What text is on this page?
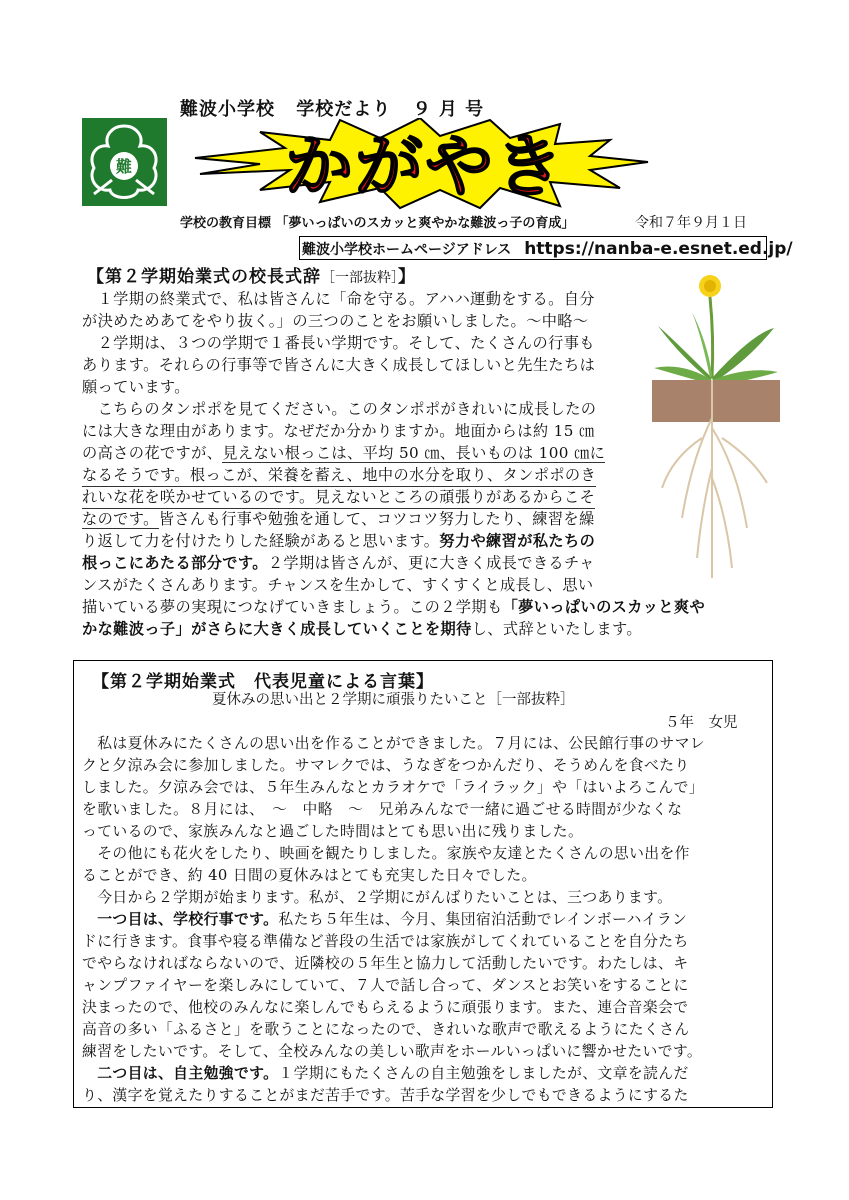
難波小学校 学校だより ９ 月 号
難 かがやき
学校の教育目標 「夢いっぱいのスカッと爽やかな難波っ子の育成」	令和７年９月１日
難波小学校ホームページアドレス https://nanba-e.esnet.ed.jp/
【第２学期始業式の校長式辞［一部抜粋］】
　１学期の終業式で、私は皆さんに「命を守る。アハハ運動をする。自分
が決めためあてをやり抜く。」の三つのことをお願いしました。～中略～
　２学期は、３つの学期で１番長い学期です。そして、たくさんの行事も
あります。それらの行事等で皆さんに大きく成長してほしいと先生たちは
願っています。
　こちらのタンポポを見てください。このタンポポがきれいに成長したの
には大きな理由があります。なぜだか分かりますか。地面からは約 15 ㎝
の高さの花ですが、見えない根っこは、平均 50 ㎝、長いものは 100 ㎝に
なるそうです。根っこが、栄養を蓄え、地中の水分を取り、タンポポのき
れいな花を咲かせているのです。見えないところの頑張りがあるからこそ
なのです。皆さんも行事や勉強を通して、コツコツ努力したり、練習を繰
り返して力を付けたりした経験があると思います。努力や練習が私たちの
根っこにあたる部分です。２学期は皆さんが、更に大きく成長できるチャ
ンスがたくさんあります。チャンスを生かして、すくすくと成長し、思い
描いている夢の実現につなげていきましょう。この２学期も「夢いっぱいのスカッと爽や
かな難波っ子」がさらに大きく成長していくことを期待し、式辞といたします。
【第２学期始業式　代表児童による言葉】
夏休みの思い出と２学期に頑張りたいこと［一部抜粋］
５年　女児
　私は夏休みにたくさんの思い出を作ることができました。７月には、公民館行事のサマレ
クと夕涼み会に参加しました。サマレクでは、うなぎをつかんだり、そうめんを食べたり
しました。夕涼み会では、５年生みんなとカラオケで「ライラック」や「はいよろこんで」
を歌いました。８月には、　～　中略　～　兄弟みんなで一緒に過ごせる時間が少なくな
っているので、家族みんなと過ごした時間はとても思い出に残りました。
　その他にも花火をしたり、映画を観たりしました。家族や友達とたくさんの思い出を作
ることができ、約 40 日間の夏休みはとても充実した日々でした。
　今日から２学期が始まります。私が、２学期にがんばりたいことは、三つあります。
　一つ目は、学校行事です。私たち５年生は、今月、集団宿泊活動でレインボーハイラン
ドに行きます。食事や寝る準備など普段の生活では家族がしてくれていることを自分たち
でやらなければならないので、近隣校の５年生と協力して活動したいです。わたしは、キ
ャンプファイヤーを楽しみにしていて、７人で話し合って、ダンスとお笑いをすることに
決まったので、他校のみんなに楽しんでもらえるように頑張ります。また、連合音楽会で
高音の多い「ふるさと」を歌うことになったので、きれいな歌声で歌えるようにたくさん
練習をしたいです。そして、全校みんなの美しい歌声をホールいっぱいに響かせたいです。
　二つ目は、自主勉強です。１学期にもたくさんの自主勉強をしましたが、文章を読んだ
り、漢字を覚えたりすることがまだ苦手です。苦手な学習を少しでもできるようにするた
